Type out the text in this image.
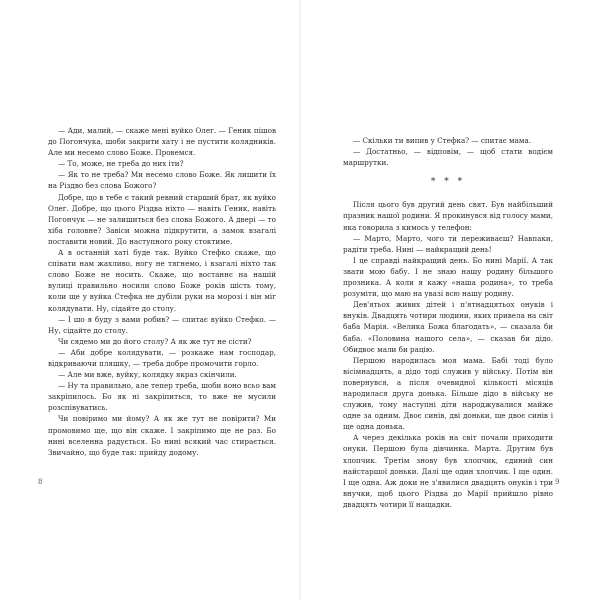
— Ади, малий, — скаже мені вуйко Олег. — Геник пішов до Погончука, шоби закрити хату і не пустити колядників. Але ми несемо слово Боже. Провемся.

— То, може, не треба до них іти?

— Як то не треба? Ми несемо слово Боже. Як лишити їх на Різдво без слова Божого?

Добре, що в тебе є такий ревний старший брат, як вуйко Олег. Добре, що цього Різдва ніхто — навіть Геник, навіть Погончук — не залишиться без слова Божого. А двері — то хіба головне? Завіси можна підкрутити, а замок взагалі поставити новий. До наступного року стоктиме.

А в останній хаті буде так. Вуйко Стефко скаже, що співати нам жахливо, ногу не тягнемо, і взагалі ніхто так слово Боже не носить. Скаже, що востаннє на нашій вулиці правильно носили слово Боже років шість тому, коли ще у вуйка Стефка не дубіли руки на морозі і він міг колядувати. Ну, сідайте до столу.

— І шо я буду з вами робив? — спитає вуйко Стефко. — Ну, сідайте до столу.

Чи сядемо ми до його столу? А як же тут не сісти?

— Аби добре колядувати, — розкаже нам господар, відкриваючи пляшку, — треба добре промочити горло.

— Але ми вже, вуйку, колядку якраз скінчили.

— Ну та правильно, але тепер треба, шоби воно всьо вам закріпилось. Бо як ні закріпиться, то вже не мусили розспівуватись.

Чи повіримо ми йому? А як же тут не повірити? Ми промовимо ще, що він скаже. І закріпимо ще не раз. Бо нині вселенна радується. Бо нині всякий час стирається. Звичайно, що буде так: прийду додому.

8

— Скільки ти випив у Стефка? — спитає мама.

— Достатньо, — відповім, — щоб стати водієм маршрутки.

* * *

Після цього був другий день свят. Був найбільший празник нашої родини. Я прокинувся від голосу мами, яка говорила з кимось у телефон:

— Марто, Марто, чого ти переживаєш? Навпаки, радіти треба. Нині — найкращий день!

І це справді найкращий день. Бо нині Марії. А так звати мою бабу. І не знаю нашу родину більшого прозника. А коли я кажу «наша родина», то треба розуміти, що маю на увазі всю нашу родину.

Дев'ятьох живих дітей і п'ятнадцятьох онуків і внуків. Двадцять чотири людини, яких привела на світ баба Марія. «Велика Божа благодать», — сказала би баба. «Половина нашого села», — сказав би дідо. Обидвоє мали би рацію.

Першою народилась моя мама. Бабі тоді було вісімнадцять, а дідо тоді служив у війську. Потім він повернувся, а після очевидної кількості місяців народилася друга донька. Більше дідо в війську не служив, тому наступні діти народжувалися майже одне за одним. Двоє синів, дві доньки, ще двоє синів і ще одна донька.

А через декілька років на світ почали приходити онуки. Першою була дівчинка. Марта. Другим був хлопчик. Третім знову був хлопчик, єдиний син найстаршої доньки. Далі ще один хлопчик. І ще один. І ще одна. Аж доки не з'явилися двадцять онуків і три внучки, щоб цього Різдва до Марії прийшло рівно двадцять чотири її нащадки.

9
